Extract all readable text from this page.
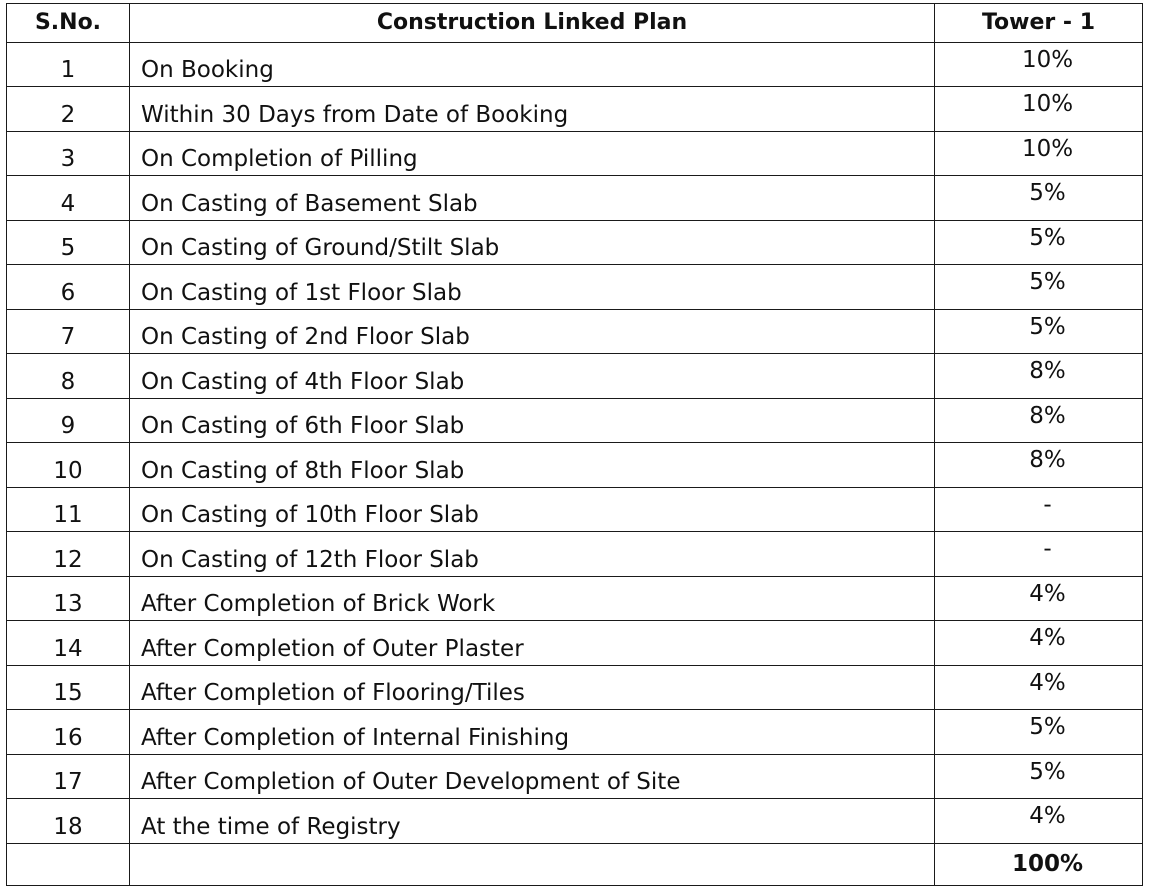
S.No.	Construction Linked Plan	Tower - 1
1	On Booking	10%
2	Within 30 Days from Date of Booking	10%
3	On Completion of Pilling	10%
4	On Casting of Basement Slab	5%
5	On Casting of Ground/Stilt Slab	5%
6	On Casting of 1st Floor Slab	5%
7	On Casting of 2nd Floor Slab	5%
8	On Casting of 4th Floor Slab	8%
9	On Casting of 6th Floor Slab	8%
10	On Casting of 8th Floor Slab	8%
11	On Casting of 10th Floor Slab	-
12	On Casting of 12th Floor Slab	-
13	After Completion of Brick Work	4%
14	After Completion of Outer Plaster	4%
15	After Completion of Flooring/Tiles	4%
16	After Completion of Internal Finishing	5%
17	After Completion of Outer Development of Site	5%
18	At the time of Registry	4%
		100%
